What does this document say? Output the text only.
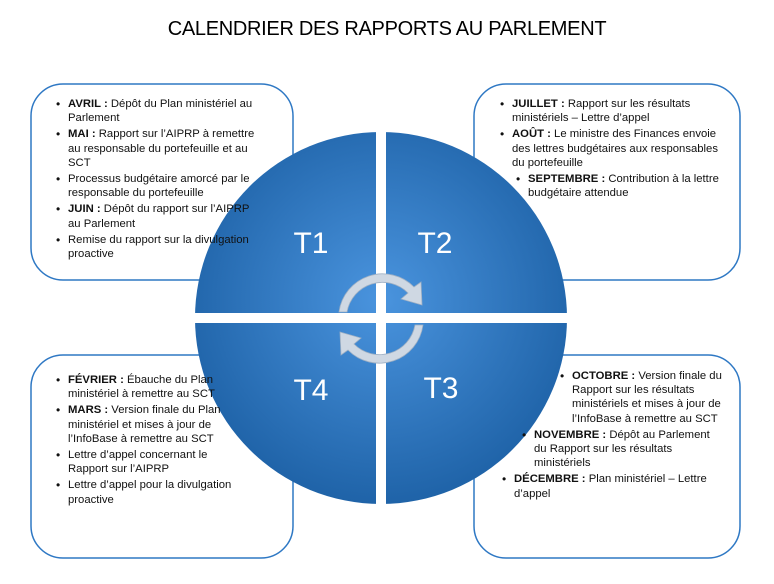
CALENDRIER DES RAPPORTS AU PARLEMENT
T1	T2
T4	T3
• AVRIL : Dépôt du Plan ministériel au Parlement
• MAI : Rapport sur l’AIPRP à remettre au responsable du portefeuille et au SCT
• Processus budgétaire amorcé par le responsable du portefeuille
• JUIN : Dépôt du rapport sur l’AIPRP au Parlement
• Remise du rapport sur la divulgation proactive
• JUILLET : Rapport sur les résultats ministériels – Lettre d’appel
• AOÛT : Le ministre des Finances envoie des lettres budgétaires aux responsables du portefeuille
• SEPTEMBRE : Contribution à la lettre budgétaire attendue
• FÉVRIER : Ébauche du Plan ministériel à remettre au SCT
• MARS : Version finale du Plan ministériel et mises à jour de l’InfoBase à remettre au SCT
• Lettre d’appel concernant le Rapport sur l’AIPRP
• Lettre d’appel pour la divulgation proactive
• OCTOBRE : Version finale du Rapport sur les résultats ministériels et mises à jour de l’InfoBase à remettre au SCT
• NOVEMBRE : Dépôt au Parlement du Rapport sur les résultats ministériels
• DÉCEMBRE : Plan ministériel – Lettre d’appel
